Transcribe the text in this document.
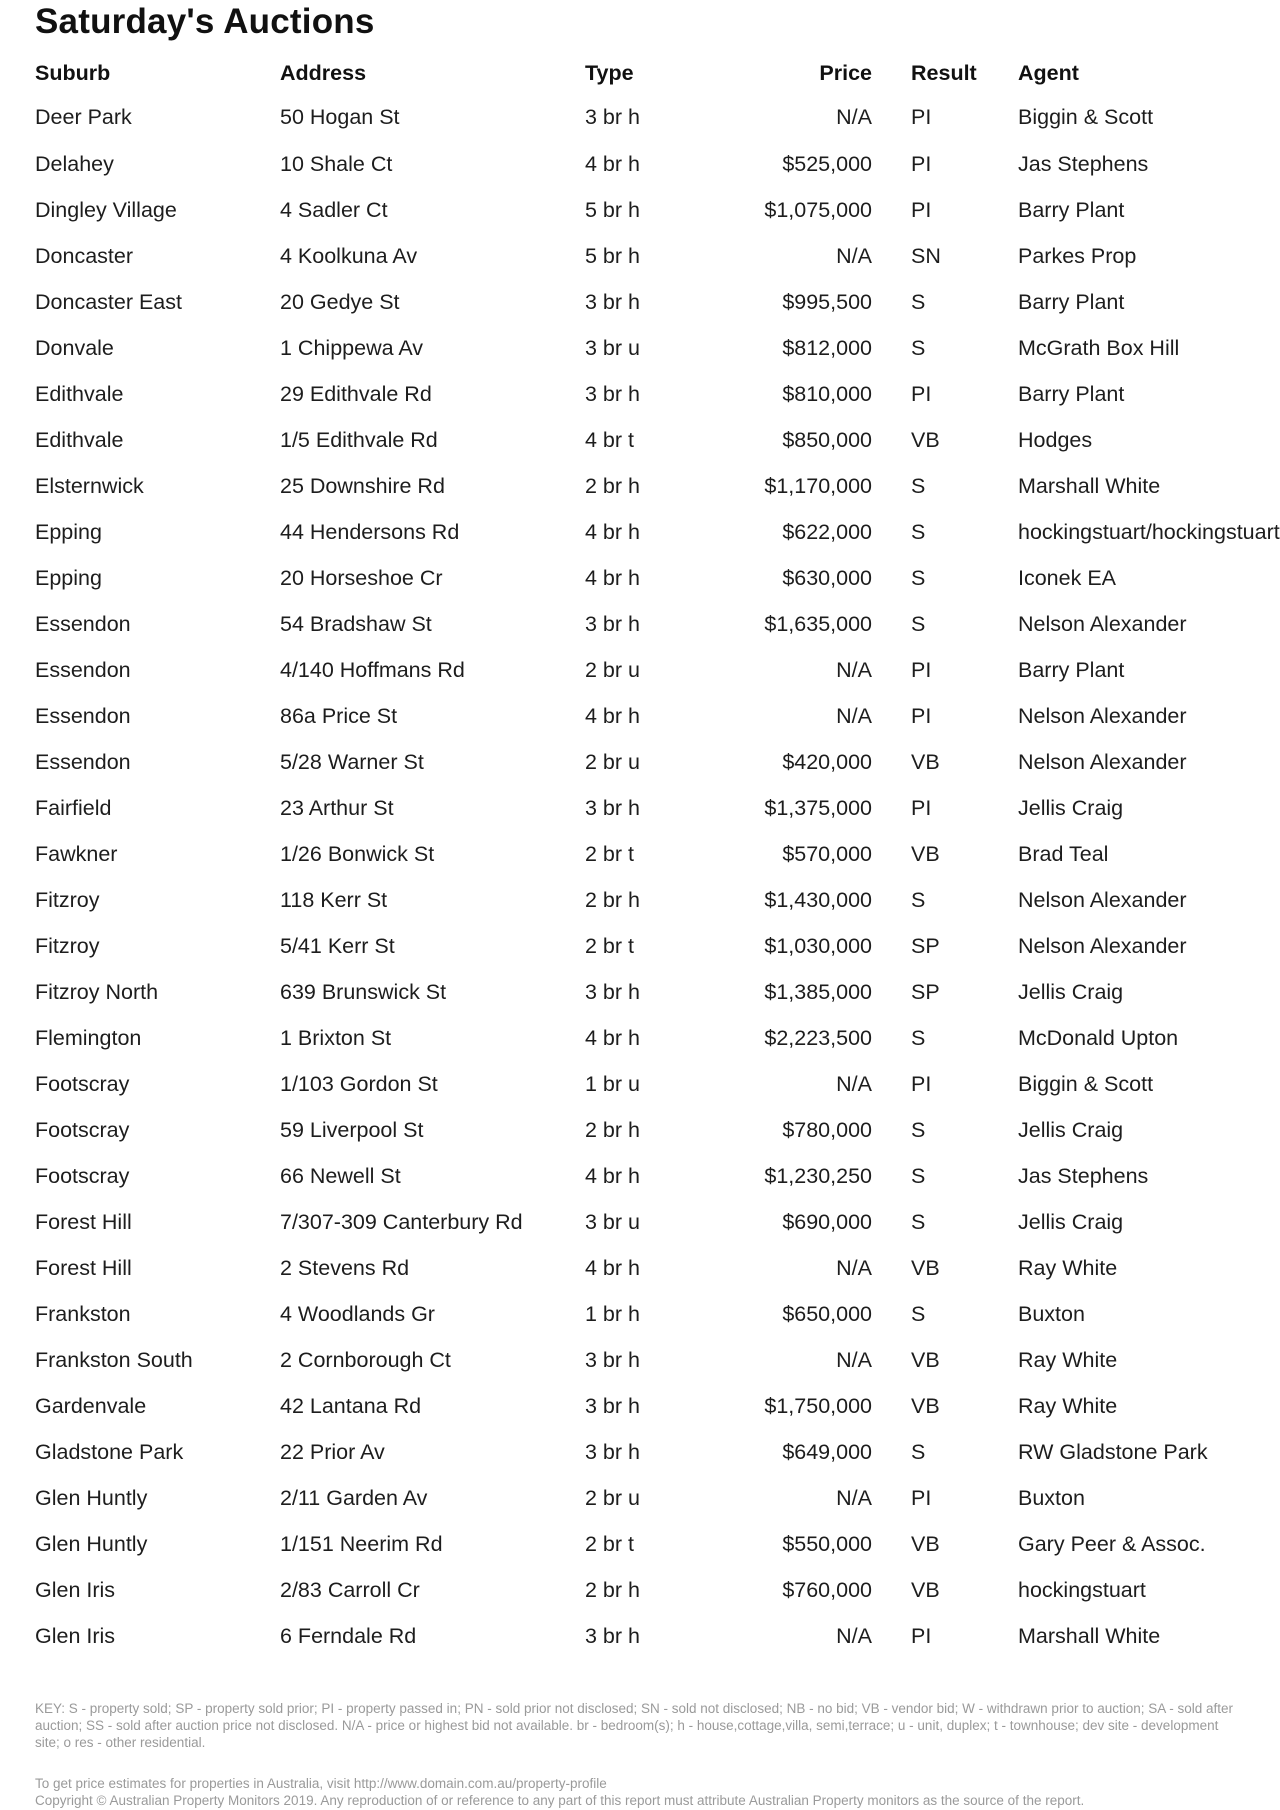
Saturday's Auctions
Suburb	Address	Type	Price		Result	Agent
Deer Park	50 Hogan St	3 br h	N/A		PI	Biggin & Scott
Delahey	10 Shale Ct	4 br h	$525,000		PI	Jas Stephens
Dingley Village	4 Sadler Ct	5 br h	$1,075,000		PI	Barry Plant
Doncaster	4 Koolkuna Av	5 br h	N/A		SN	Parkes Prop
Doncaster East	20 Gedye St	3 br h	$995,500		S	Barry Plant
Donvale	1 Chippewa Av	3 br u	$812,000		S	McGrath Box Hill
Edithvale	29 Edithvale Rd	3 br h	$810,000		PI	Barry Plant
Edithvale	1/5 Edithvale Rd	4 br t	$850,000		VB	Hodges
Elsternwick	25 Downshire Rd	2 br h	$1,170,000		S	Marshall White
Epping	44 Hendersons Rd	4 br h	$622,000		S	hockingstuart/hockingstuart
Epping	20 Horseshoe Cr	4 br h	$630,000		S	Iconek EA
Essendon	54 Bradshaw St	3 br h	$1,635,000		S	Nelson Alexander
Essendon	4/140 Hoffmans Rd	2 br u	N/A		PI	Barry Plant
Essendon	86a Price St	4 br h	N/A		PI	Nelson Alexander
Essendon	5/28 Warner St	2 br u	$420,000		VB	Nelson Alexander
Fairfield	23 Arthur St	3 br h	$1,375,000		PI	Jellis Craig
Fawkner	1/26 Bonwick St	2 br t	$570,000		VB	Brad Teal
Fitzroy	118 Kerr St	2 br h	$1,430,000		S	Nelson Alexander
Fitzroy	5/41 Kerr St	2 br t	$1,030,000		SP	Nelson Alexander
Fitzroy North	639 Brunswick St	3 br h	$1,385,000		SP	Jellis Craig
Flemington	1 Brixton St	4 br h	$2,223,500		S	McDonald Upton
Footscray	1/103 Gordon St	1 br u	N/A		PI	Biggin & Scott
Footscray	59 Liverpool St	2 br h	$780,000		S	Jellis Craig
Footscray	66 Newell St	4 br h	$1,230,250		S	Jas Stephens
Forest Hill	7/307-309 Canterbury Rd	3 br u	$690,000		S	Jellis Craig
Forest Hill	2 Stevens Rd	4 br h	N/A		VB	Ray White
Frankston	4 Woodlands Gr	1 br h	$650,000		S	Buxton
Frankston South	2 Cornborough Ct	3 br h	N/A		VB	Ray White
Gardenvale	42 Lantana Rd	3 br h	$1,750,000		VB	Ray White
Gladstone Park	22 Prior Av	3 br h	$649,000		S	RW Gladstone Park
Glen Huntly	2/11 Garden Av	2 br u	N/A		PI	Buxton
Glen Huntly	1/151 Neerim Rd	2 br t	$550,000		VB	Gary Peer & Assoc.
Glen Iris	2/83 Carroll Cr	2 br h	$760,000		VB	hockingstuart
Glen Iris	6 Ferndale Rd	3 br h	N/A		PI	Marshall White
KEY: S - property sold; SP - property sold prior; PI - property passed in; PN - sold prior not disclosed; SN - sold not disclosed; NB - no bid; VB - vendor bid; W - withdrawn prior to auction; SA - sold after auction; SS - sold after auction price not disclosed. N/A - price or highest bid not available. br - bedroom(s); h - house,cottage,villa, semi,terrace; u - unit, duplex; t - townhouse; dev site - development site; o res - other residential.
To get price estimates for properties in Australia, visit http://www.domain.com.au/property-profile
Copyright © Australian Property Monitors 2019. Any reproduction of or reference to any part of this report must attribute Australian Property monitors as the source of the report.
